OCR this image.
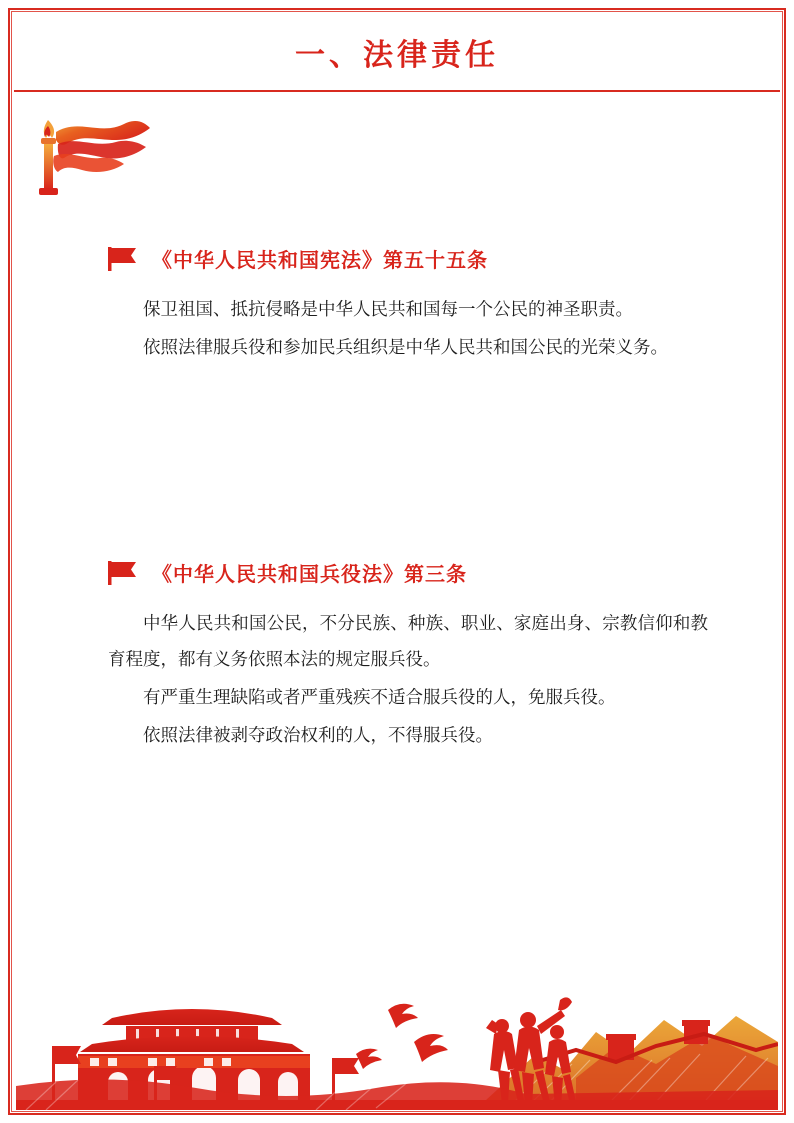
一、法律责任
《中华人民共和国宪法》第五十五条

保卫祖国、抵抗侵略是中华人民共和国每一个公民的神圣职责。

依照法律服兵役和参加民兵组织是中华人民共和国公民的光荣义务。

《中华人民共和国兵役法》第三条

中华人民共和国公民，不分民族、种族、职业、家庭出身、宗教信仰和教育程度，都有义务依照本法的规定服兵役。

有严重生理缺陷或者严重残疾不适合服兵役的人，免服兵役。

依照法律被剥夺政治权利的人，不得服兵役。
